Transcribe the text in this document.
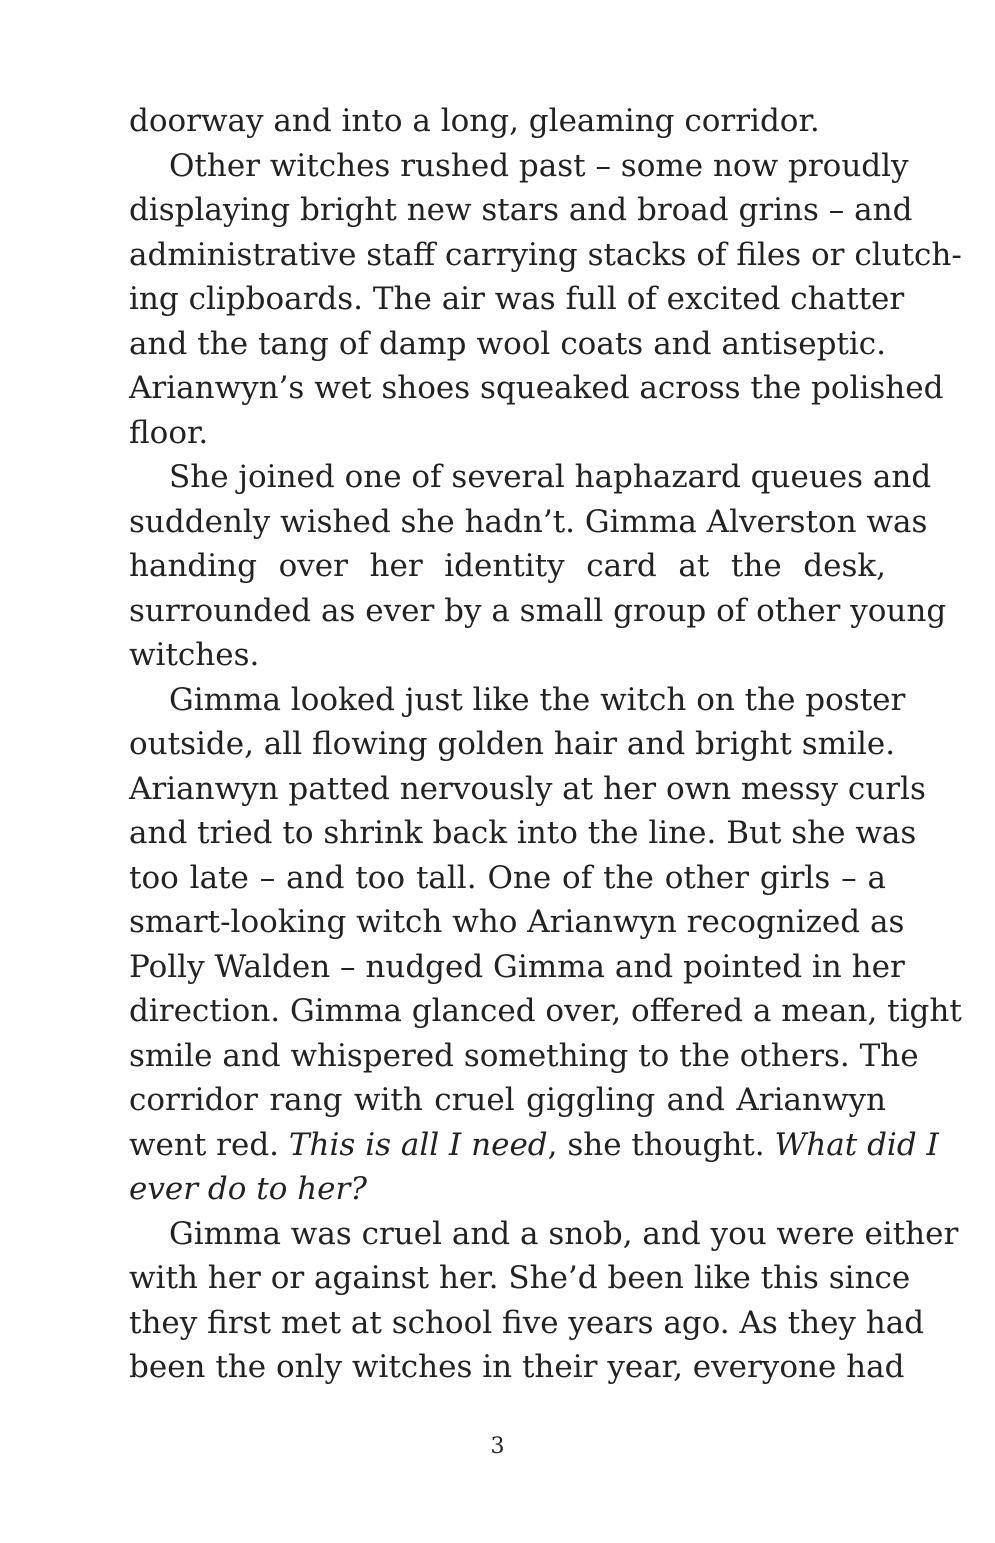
doorway and into a long, gleaming corridor.
Other witches rushed past – some now proudly
displaying bright new stars and broad grins – and
administrative staff carrying stacks of files or clutch-
ing clipboards. The air was full of excited chatter
and the tang of damp wool coats and antiseptic.
Arianwyn’s wet shoes squeaked across the polished
floor.
She joined one of several haphazard queues and
suddenly wished she hadn’t. Gimma Alverston was
handing over her identity card at the desk,
surrounded as ever by a small group of other young
witches.
Gimma looked just like the witch on the poster
outside, all flowing golden hair and bright smile.
Arianwyn patted nervously at her own messy curls
and tried to shrink back into the line. But she was
too late – and too tall. One of the other girls – a
smart-looking witch who Arianwyn recognized as
Polly Walden – nudged Gimma and pointed in her
direction. Gimma glanced over, offered a mean, tight
smile and whispered something to the others. The
corridor rang with cruel giggling and Arianwyn
went red. This is all I need, she thought. What did I
ever do to her?
Gimma was cruel and a snob, and you were either
with her or against her. She’d been like this since
they first met at school five years ago. As they had
been the only witches in their year, everyone had
3
